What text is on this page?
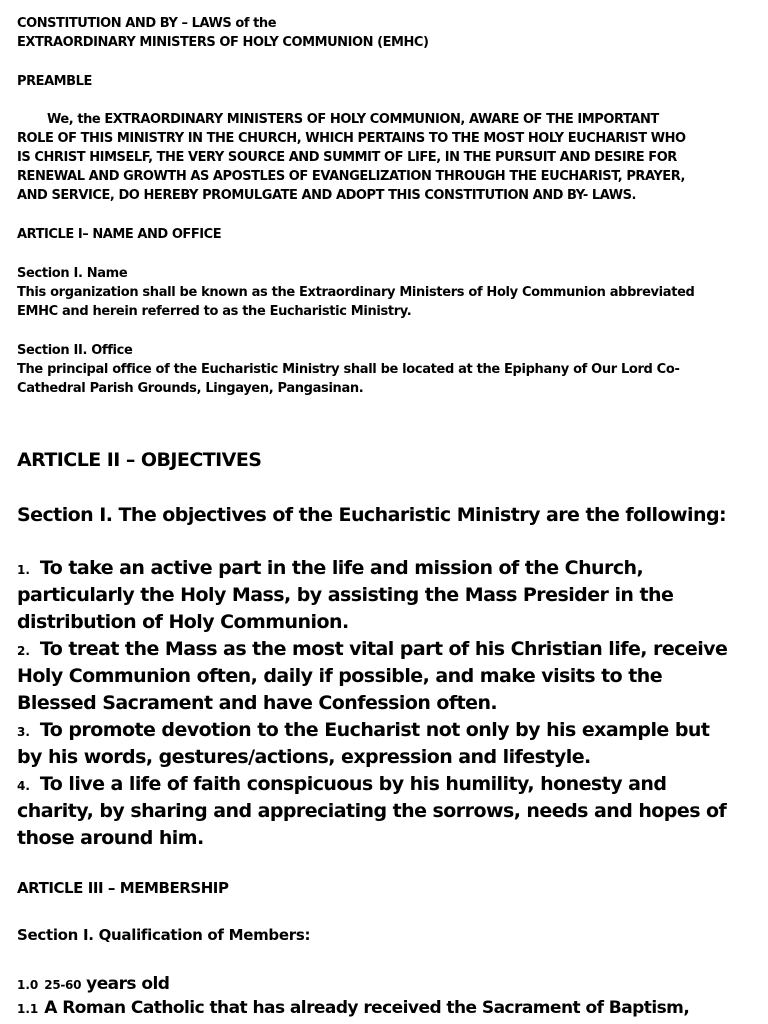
CONSTITUTION AND BY – LAWS of the
EXTRAORDINARY MINISTERS OF HOLY COMMUNION (EMHC)
PREAMBLE
We, the EXTRAORDINARY MINISTERS OF HOLY COMMUNION, AWARE OF THE IMPORTANT
ROLE OF THIS MINISTRY IN THE CHURCH, WHICH PERTAINS TO THE MOST HOLY EUCHARIST WHO
IS CHRIST HIMSELF, THE VERY SOURCE AND SUMMIT OF LIFE, IN THE PURSUIT AND DESIRE FOR
RENEWAL AND GROWTH AS APOSTLES OF EVANGELIZATION THROUGH THE EUCHARIST, PRAYER,
AND SERVICE, DO HEREBY PROMULGATE AND ADOPT THIS CONSTITUTION AND BY- LAWS.
ARTICLE I– NAME AND OFFICE
Section I. Name
This organization shall be known as the Extraordinary Ministers of Holy Communion abbreviated
EMHC and herein referred to as the Eucharistic Ministry.
Section II. Office
The principal office of the Eucharistic Ministry shall be located at the Epiphany of Our Lord Co-
Cathedral Parish Grounds, Lingayen, Pangasinan.
ARTICLE II – OBJECTIVES
Section I. The objectives of the Eucharistic Ministry are the following:
1. To take an active part in the life and mission of the Church,
particularly the Holy Mass, by assisting the Mass Presider in the
distribution of Holy Communion.
2. To treat the Mass as the most vital part of his Christian life, receive
Holy Communion often, daily if possible, and make visits to the
Blessed Sacrament and have Confession often.
3. To promote devotion to the Eucharist not only by his example but
by his words, gestures/actions, expression and lifestyle.
4. To live a life of faith conspicuous by his humility, honesty and
charity, by sharing and appreciating the sorrows, needs and hopes of
those around him.
ARTICLE III – MEMBERSHIP
Section I. Qualification of Members:
1.0 25-60 years old
1.1 A Roman Catholic that has already received the Sacrament of Baptism,
